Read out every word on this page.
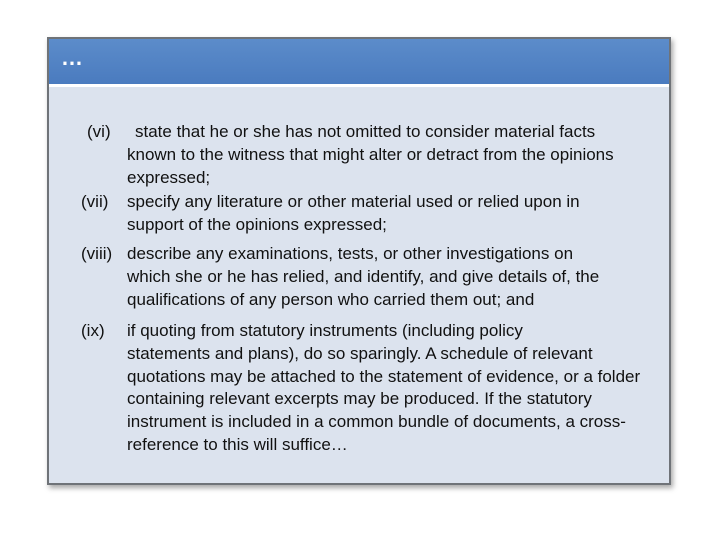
…
(vi)	state that he or she has not omitted to consider material facts
known to the witness that might alter or detract from the opinions expressed;
(vii)	specify any literature or other material used or relied upon in
support of the opinions expressed;
(viii) describe any examinations, tests, or other investigations on
which she or he has relied, and identify, and give details of, the qualifications of any person who carried them out; and
(ix)	if quoting from statutory instruments (including policy
statements and plans), do so sparingly. A schedule of relevant quotations may be attached to the statement of evidence, or a folder containing relevant excerpts may be produced. If the statutory instrument is included in a common bundle of documents, a cross-reference to this will suffice…
